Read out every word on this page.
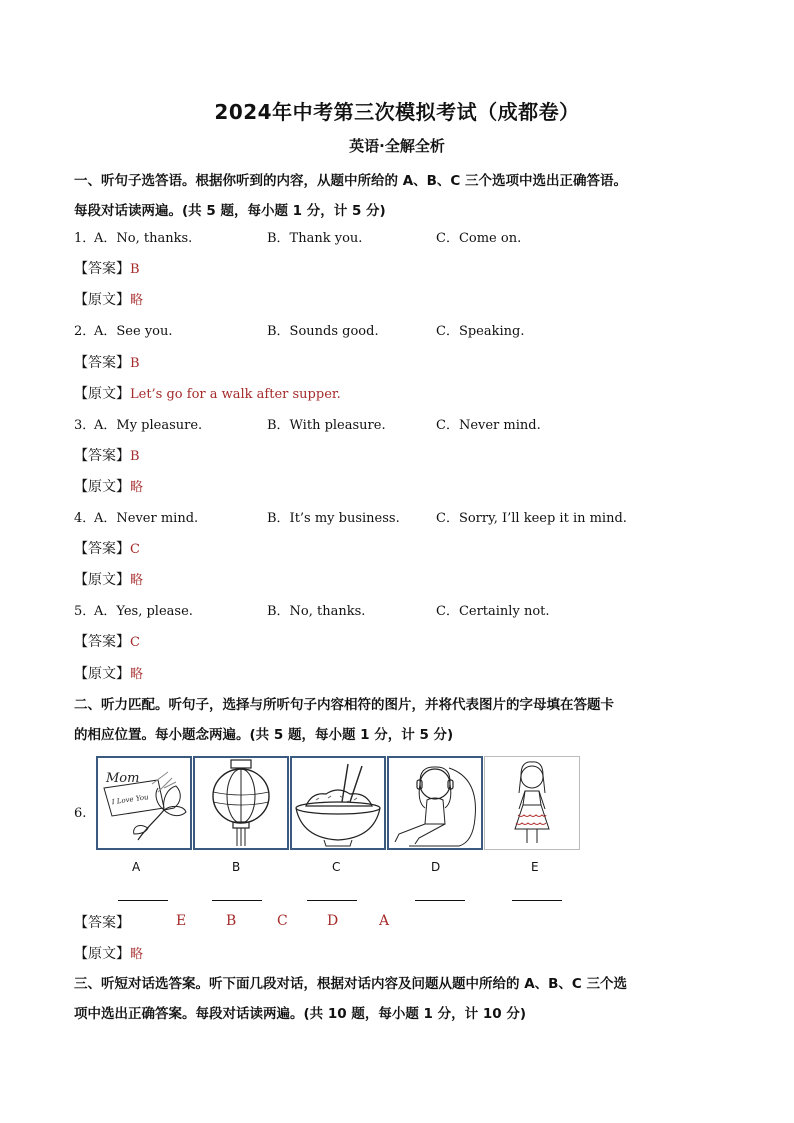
2024年中考第三次模拟考试（成都卷）
英语·全解全析
一、听句子选答语。根据你听到的内容，从题中所给的 A、B、C 三个选项中选出正确答语。
每段对话读两遍。(共 5 题，每小题 1 分，计 5 分)
1．
A．No, thanks.	B．Thank you.	C．Come on.
【答案】B
【原文】略
2．
A．See you.	B．Sounds good.	C．Speaking.
【答案】B
【原文】Let’s go for a walk after supper.
3．
A．My pleasure.	B．With pleasure.	C．Never mind.
【答案】B
【原文】略
4．
A．Never mind.	B．It’s my business.	C．Sorry, I’ll keep it in mind.
【答案】C
【原文】略
5．
A．Yes, please.	B．No, thanks.	C．Certainly not.
【答案】C
【原文】略
二、听力匹配。听句子，选择与所听句子内容相符的图片，并将代表图片的字母填在答题卡
的相应位置。每小题念两遍。(共 5 题，每小题 1 分，计 5 分)
6.
Mom
I Love You
A	B	C	D	E
【答案】	E	B	C	D	A
【原文】略
三、听短对话选答案。听下面几段对话，根据对话内容及问题从题中所给的 A、B、C 三个选
项中选出正确答案。每段对话读两遍。(共 10 题，每小题 1 分，计 10 分)
